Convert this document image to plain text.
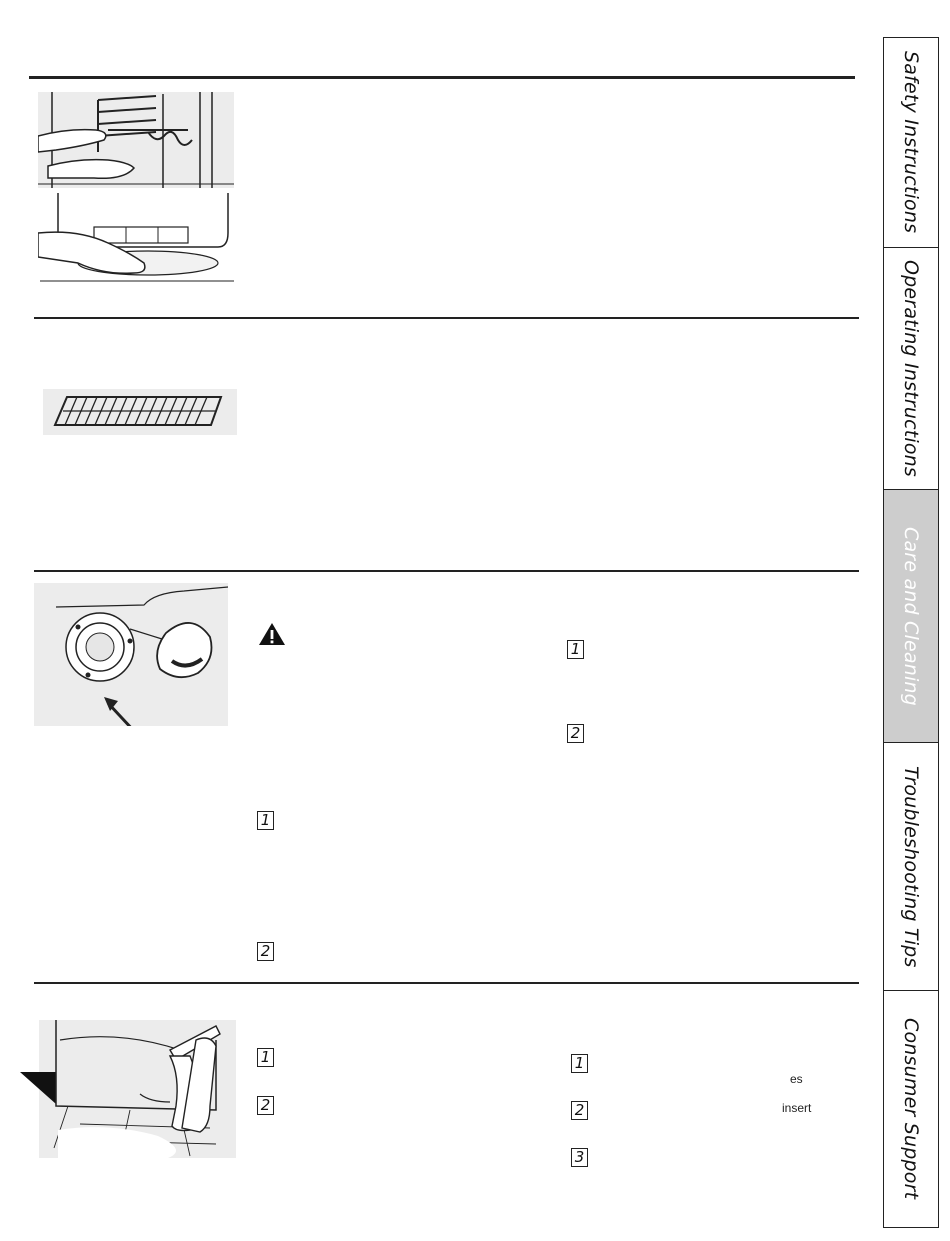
1
2
1
2
1
2
1
2
3
es
insert
Safety Instructions
Operating Instructions
Care and Cleaning
Troubleshooting Tips
Consumer Support
